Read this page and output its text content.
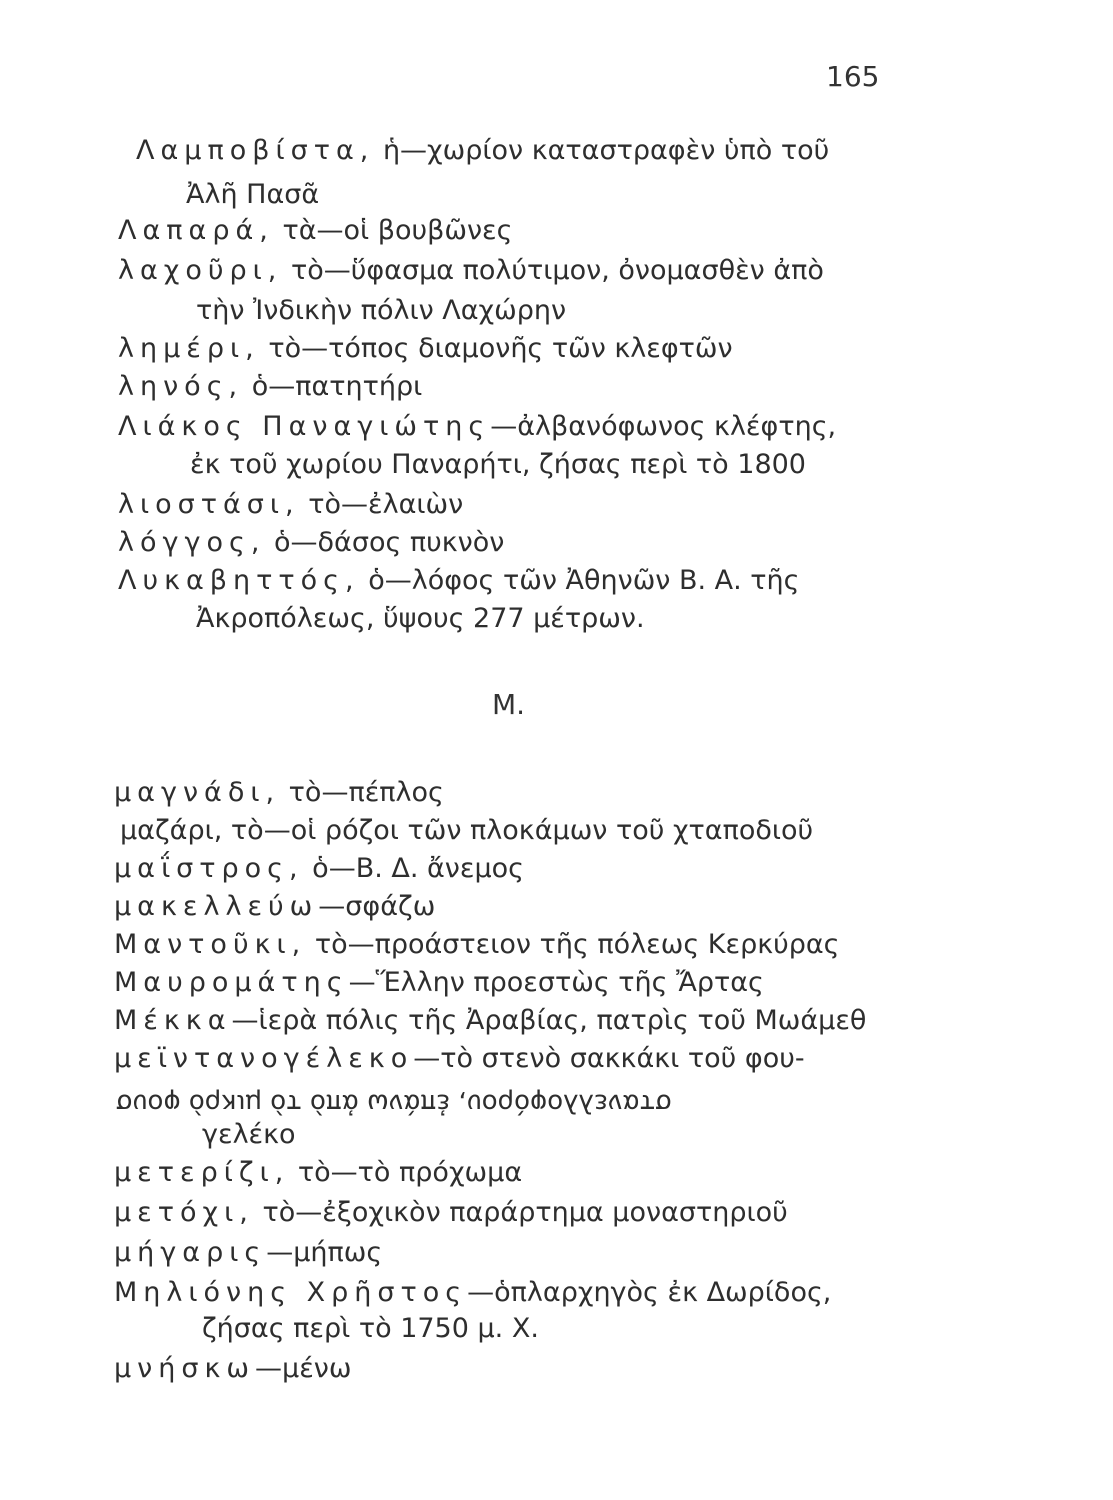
165
Λαμποβίστα, ἡ—χωρίον καταστραφὲν ὑπὸ τοῦ
Ἀλῆ Πασᾶ
Λαπαρά, τὰ—οἱ βουβῶνες
λαχοῦρι, τὸ—ὕφασμα πολύτιμον, ὀνομασθὲν ἀπὸ
τὴν Ἰνδικὴν πόλιν Λαχώρην
λημέρι, τὸ—τόπος διαμονῆς τῶν κλεφτῶν
ληνός, ὁ—πατητήρι
Λιάκος Παναγιώτης—ἀλβανόφωνος κλέφτης,
ἐκ τοῦ χωρίου Παναρήτι, ζήσας περὶ τὸ 1800
λιοστάσι, τὸ—ἐλαιὼν
λόγγος, ὁ—δάσος πυκνὸν
Λυκαβηττός, ὁ—λόφος τῶν Ἀθηνῶν Β. Α. τῆς
Ἀκροπόλεως, ὕψους 277 μέτρων.
Μ.
μαγνάδι, τὸ—πέπλος
μαζάρι, τὸ—οἱ ρόζοι τῶν πλοκάμων τοῦ χταποδιοῦ
μαΐστρος, ὁ—Β. Δ. ἄνεμος
μακελλεύω—σφάζω
Μαντοῦκι, τὸ—προάστειον τῆς πόλεως Κερκύρας
Μαυρομάτης—Ἕλλην προεστὼς τῆς Ἄρτας
Μέκκα—ἱερὰ πόλις τῆς Ἀραβίας, πατρὶς τοῦ Μωάμεθ
μεϊντανογέλεκο—τὸ στενὸ σακκάκι τοῦ φου-
στανελλοφόρου, ἐπάνω ἀπὸ τὸ μικρὸ φουσ
γελέκο
μετερίζι, τὸ—τὸ πρόχωμα
μετόχι, τὸ—ἐξοχικὸν παράρτημα μοναστηριοῦ
μήγαρις—μήπως
Μηλιόνης Χρῆστος—ὁπλαρχηγὸς ἐκ Δωρίδος,
ζήσας περὶ τὸ 1750 μ. Χ.
μνήσκω—μένω
